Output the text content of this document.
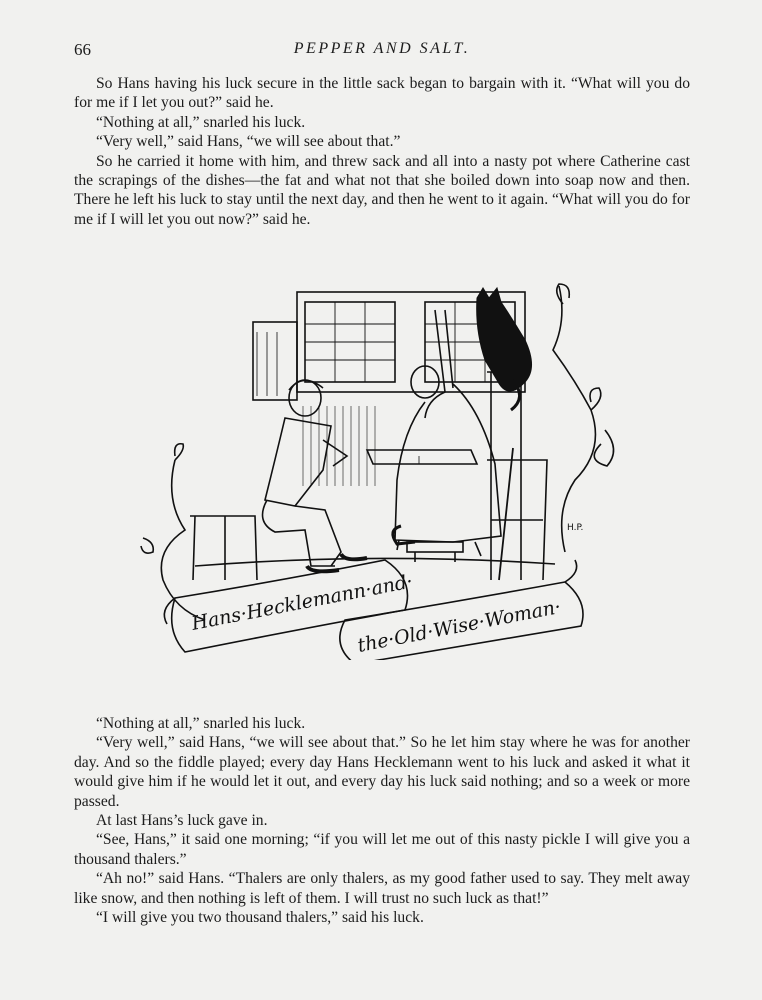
66	PEPPER AND SALT.

So Hans having his luck secure in the little sack began to bargain with it. “What will you do for me if I let you out?” said he.

“Nothing at all,” snarled his luck.

“Very well,” said Hans, “we will see about that.”

So he carried it home with him, and threw sack and all into a nasty pot where Catherine cast the scrapings of the dishes—the fat and what not that she boiled down into soap now and then. There he left his luck to stay until the next day, and then he went to it again. “What will you do for me if I will let you out now?” said he.

Hans·Hecklemann·and·
the·Old·Wise·Woman·
H.P.

“Nothing at all,” snarled his luck.

“Very well,” said Hans, “we will see about that.” So he let him stay where he was for another day. And so the fiddle played; every day Hans Hecklemann went to his luck and asked it what it would give him if he would let it out, and every day his luck said nothing; and so a week or more passed.

At last Hans’s luck gave in.

“See, Hans,” it said one morning; “if you will let me out of this nasty pickle I will give you a thousand thalers.”

“Ah no!” said Hans. “Thalers are only thalers, as my good father used to say. They melt away like snow, and then nothing is left of them. I will trust no such luck as that!”

“I will give you two thousand thalers,” said his luck.
